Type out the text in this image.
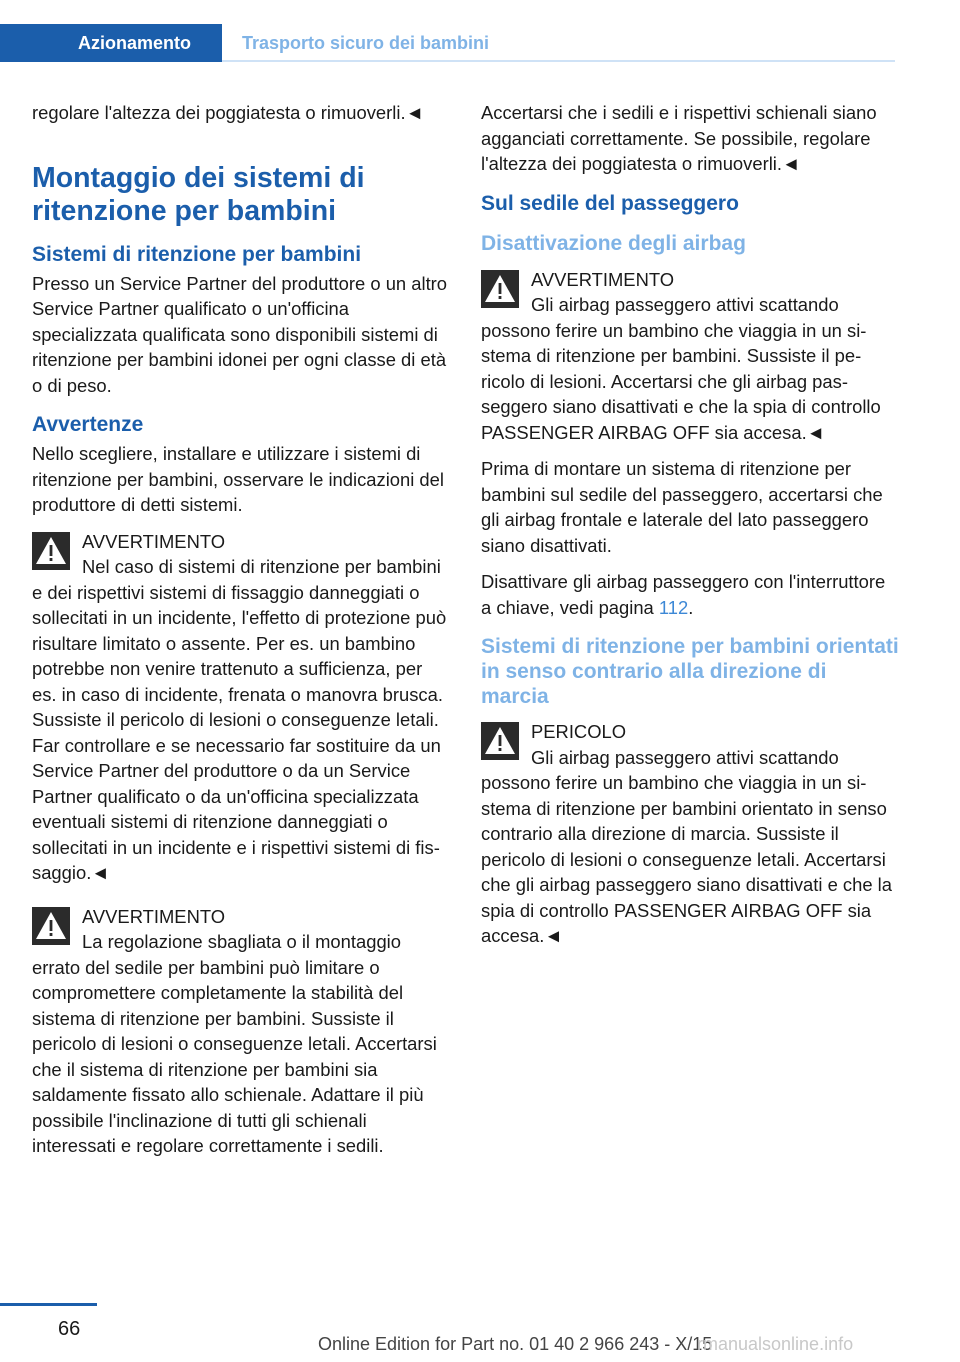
Azionamento	Trasporto sicuro dei bambini

regolare l'altezza dei poggiatesta o rimuoverli.◄

Montaggio dei sistemi di ritenzione per bambini
Sistemi di ritenzione per bambini

Presso un Service Partner del produttore o un altro Service Partner qualificato o un'officina specializzata qualificata sono disponibili sistemi di ritenzione per bambini idonei per ogni classe di età o di peso.

Avvertenze

Nello scegliere, installare e utilizzare i sistemi di ritenzione per bambini, osservare le indicazioni del produttore di detti sistemi.

AVVERTIMENTO
Nel caso di sistemi di ritenzione per bambini e dei rispettivi sistemi di fissaggio danneggiati o sollecitati in un incidente, l'effetto di protezione può risultare limitato o assente. Per es. un bambino potrebbe non venire trattenuto a sufficienza, per es. in caso di incidente, frenata o manovra brusca. Sussiste il pericolo di lesioni o conseguenze letali. Far controllare e se necessario far sostituire da un Service Partner del produttore o da un Service Partner qualificato o da un'officina specializzata eventuali sistemi di ritenzione danneggiati o sollecitati in un incidente e i rispettivi sistemi di fissaggio.◄
AVVERTIMENTO
La regolazione sbagliata o il montaggio errato del sedile per bambini può limitare o compromettere completamente la stabilità del sistema di ritenzione per bambini. Sussiste il pericolo di lesioni o conseguenze letali. Accertarsi che il sistema di ritenzione per bambini sia saldamente fissato allo schienale. Adattare il più possibile l'inclinazione di tutti gli schienali interessati e regolare correttamente i sedili.

Accertarsi che i sedili e i rispettivi schienali siano agganciati correttamente. Se possibile, regolare l'altezza dei poggiatesta o rimuoverli.◄

Sul sedile del passeggero
Disattivazione degli airbag
AVVERTIMENTO
Gli airbag passeggero attivi scattando possono ferire un bambino che viaggia in un sistema di ritenzione per bambini. Sussiste il pericolo di lesioni. Accertarsi che gli airbag passeggero siano disattivati e che la spia di controllo PASSENGER AIRBAG OFF sia accesa.◄

Prima di montare un sistema di ritenzione per bambini sul sedile del passeggero, accertarsi che gli airbag frontale e laterale del lato passeggero siano disattivati.

Disattivare gli airbag passeggero con l'interruttore a chiave, vedi pagina 112.

Sistemi di ritenzione per bambini orientati in senso contrario alla direzione di marcia
PERICOLO
Gli airbag passeggero attivi scattando possono ferire un bambino che viaggia in un sistema di ritenzione per bambini orientato in senso contrario alla direzione di marcia. Sussiste il pericolo di lesioni o conseguenze letali. Accertarsi che gli airbag passeggero siano disattivati e che la spia di controllo PASSENGER AIRBAG OFF sia accesa.◄
66
Online Edition for Part no. 01 40 2 966 243 - X/15
rmanualsonline.info
